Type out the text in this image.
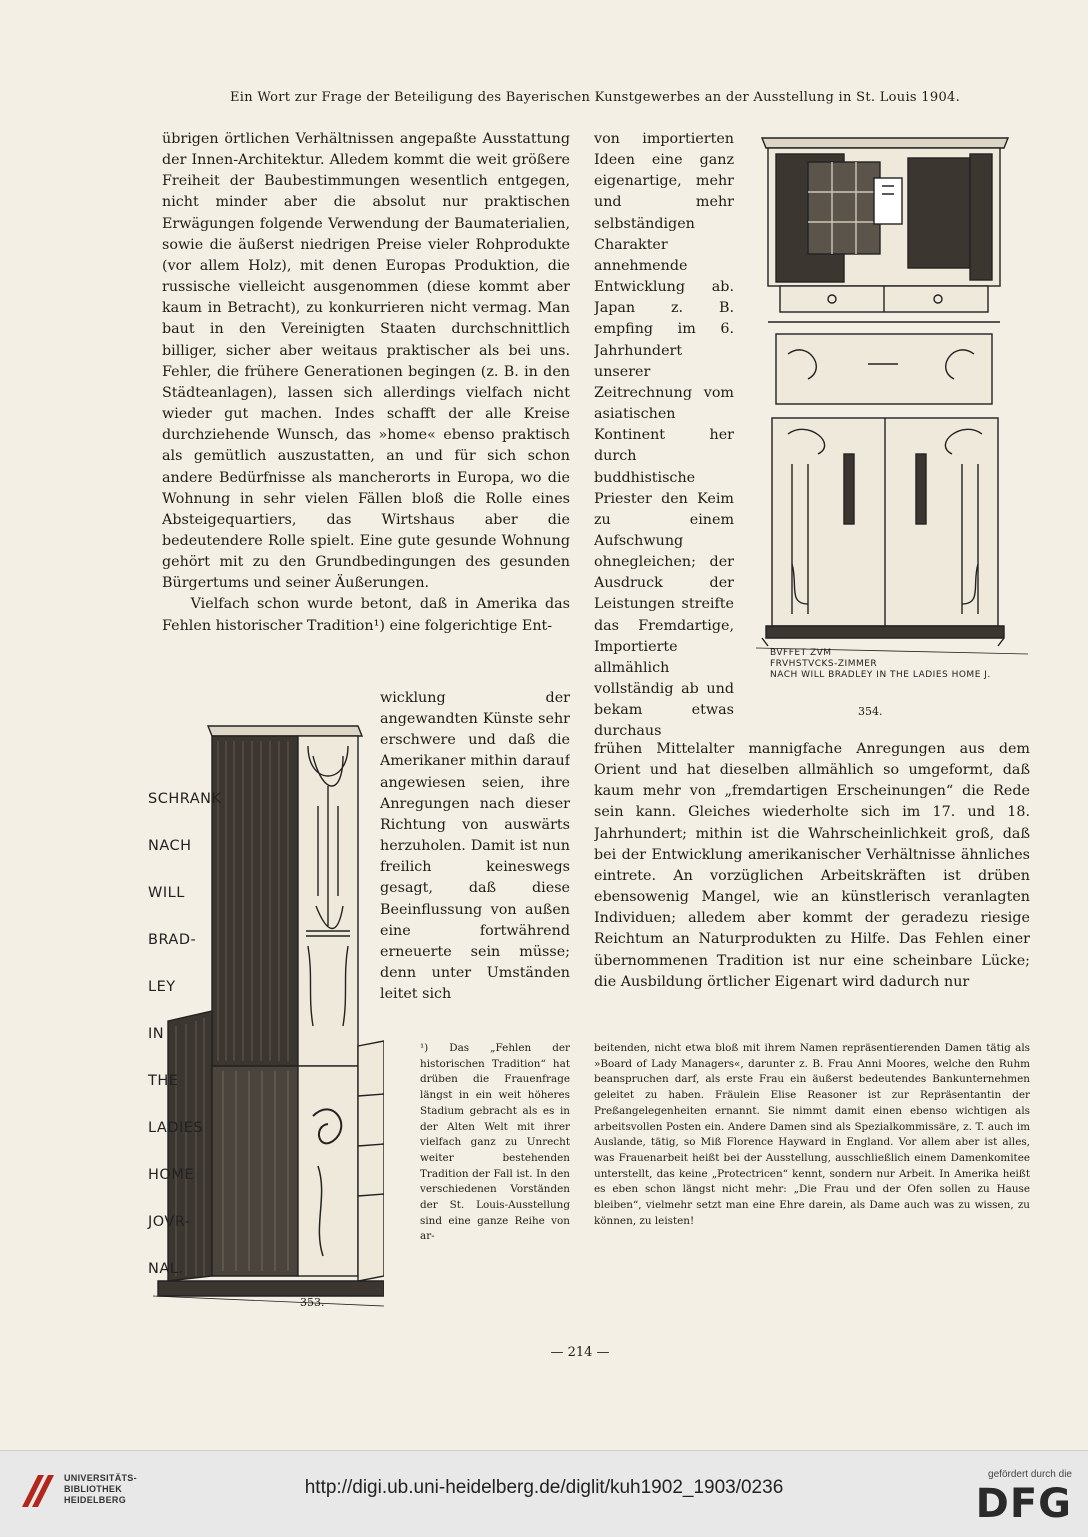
Ein Wort zur Frage der Beteiligung des Bayerischen Kunstgewerbes an der Ausstellung in St. Louis 1904.

übrigen örtlichen Verhältnissen angepaßte Ausstattung der Innen-Architektur. Alledem kommt die weit größere Freiheit der Baubestimmungen wesentlich entgegen, nicht minder aber die absolut nur praktischen Erwägungen folgende Verwendung der Baumaterialien, sowie die äußerst niedrigen Preise vieler Rohprodukte (vor allem Holz), mit denen Europas Produktion, die russische vielleicht ausgenommen (diese kommt aber kaum in Betracht), zu konkurrieren nicht vermag. Man baut in den Vereinigten Staaten durchschnittlich billiger, sicher aber weitaus praktischer als bei uns. Fehler, die frühere Generationen begingen (z. B. in den Städteanlagen), lassen sich allerdings vielfach nicht wieder gut machen. Indes schafft der alle Kreise durchziehende Wunsch, das »home« ebenso praktisch als gemütlich auszustatten, an und für sich schon andere Bedürfnisse als mancherorts in Europa, wo die Wohnung in sehr vielen Fällen bloß die Rolle eines Absteigequartiers, das Wirtshaus aber die bedeutendere Rolle spielt. Eine gute gesunde Wohnung gehört mit zu den Grundbedingungen des gesunden Bürgertums und seiner Äußerungen.

Vielfach schon wurde betont, daß in Amerika das Fehlen historischer Tradition¹) eine folgerichtige Ent-

von importierten Ideen eine ganz eigenartige, mehr und mehr selbständigen Charakter annehmende Entwicklung ab. Japan z. B. empfing im 6. Jahrhundert unserer Zeitrechnung vom asiatischen Kontinent her durch buddhistische Priester den Keim zu einem Aufschwung ohnegleichen; der Ausdruck der Leistungen streifte das Fremdartige, Importierte allmählich vollständig ab und bekam etwas durchaus

wicklung der angewandten Künste sehr erschwere und daß die Amerikaner mithin darauf angewiesen seien, ihre Anregungen nach dieser Richtung von auswärts herzuholen. Damit ist nun freilich keineswegs gesagt, daß diese Beeinflussung von außen eine fortwährend erneuerte sein müsse; denn unter Umständen leitet sich

frühen Mittelalter mannigfache Anregungen aus dem Orient und hat dieselben allmählich so umgeformt, daß kaum mehr von „fremdartigen Erscheinungen“ die Rede sein kann. Gleiches wiederholte sich im 17. und 18. Jahrhundert; mithin ist die Wahrscheinlichkeit groß, daß bei der Entwicklung amerikanischer Verhältnisse ähnliches eintrete. An vorzüglichen Arbeitskräften ist drüben ebensowenig Mangel, wie an künstlerisch veranlagten Individuen; alledem aber kommt der geradezu riesige Reichtum an Naturprodukten zu Hilfe. Das Fehlen einer übernommenen Tradition ist nur eine scheinbare Lücke; die Ausbildung örtlicher Eigenart wird dadurch nur

¹) Das „Fehlen der historischen Tradition“ hat drüben die Frauenfrage längst in ein weit höheres Stadium gebracht als es in der Alten Welt mit ihrer vielfach ganz zu Unrecht weiter bestehenden Tradition der Fall ist. In den verschiedenen Vorständen der St. Louis-Ausstellung sind eine ganze Reihe von ar-

beitenden, nicht etwa bloß mit ihrem Namen repräsentierenden Damen tätig als »Board of Lady Managers«, darunter z. B. Frau Anni Moores, welche den Ruhm beanspruchen darf, als erste Frau ein äußerst bedeutendes Bankunternehmen geleitet zu haben. Fräulein Elise Reasoner ist zur Repräsentantin der Preßangelegenheiten ernannt. Sie nimmt damit einen ebenso wichtigen als arbeitsvollen Posten ein. Andere Damen sind als Spezialkommissäre, z. T. auch im Auslande, tätig, so Miß Florence Hayward in England. Vor allem aber ist alles, was Frauenarbeit heißt bei der Ausstellung, ausschließlich einem Damenkomitee unterstellt, das keine „Protectricen“ kennt, sondern nur Arbeit. In Amerika heißt es eben schon längst nicht mehr: „Die Frau und der Ofen sollen zu Hause bleiben“, vielmehr setzt man eine Ehre darein, als Dame auch was zu wissen, zu können, zu leisten!

SCHRANK

NACH

WILL

BRAD-

LEY

IN

THE

LADIES

HOME

JOVR-

NAL.

353.
BVFFET ZVM
FRVHSTVCKS-ZIMMER
NACH WILL BRADLEY IN THE LADIES HOME J.
354.
— 214 —
UNIVERSITÄTS-
BIBLIOTHEK
HEIDELBERG
http://digi.ub.uni-heidelberg.de/diglit/kuh1902_1903/0236
gefördert durch die
DFG
